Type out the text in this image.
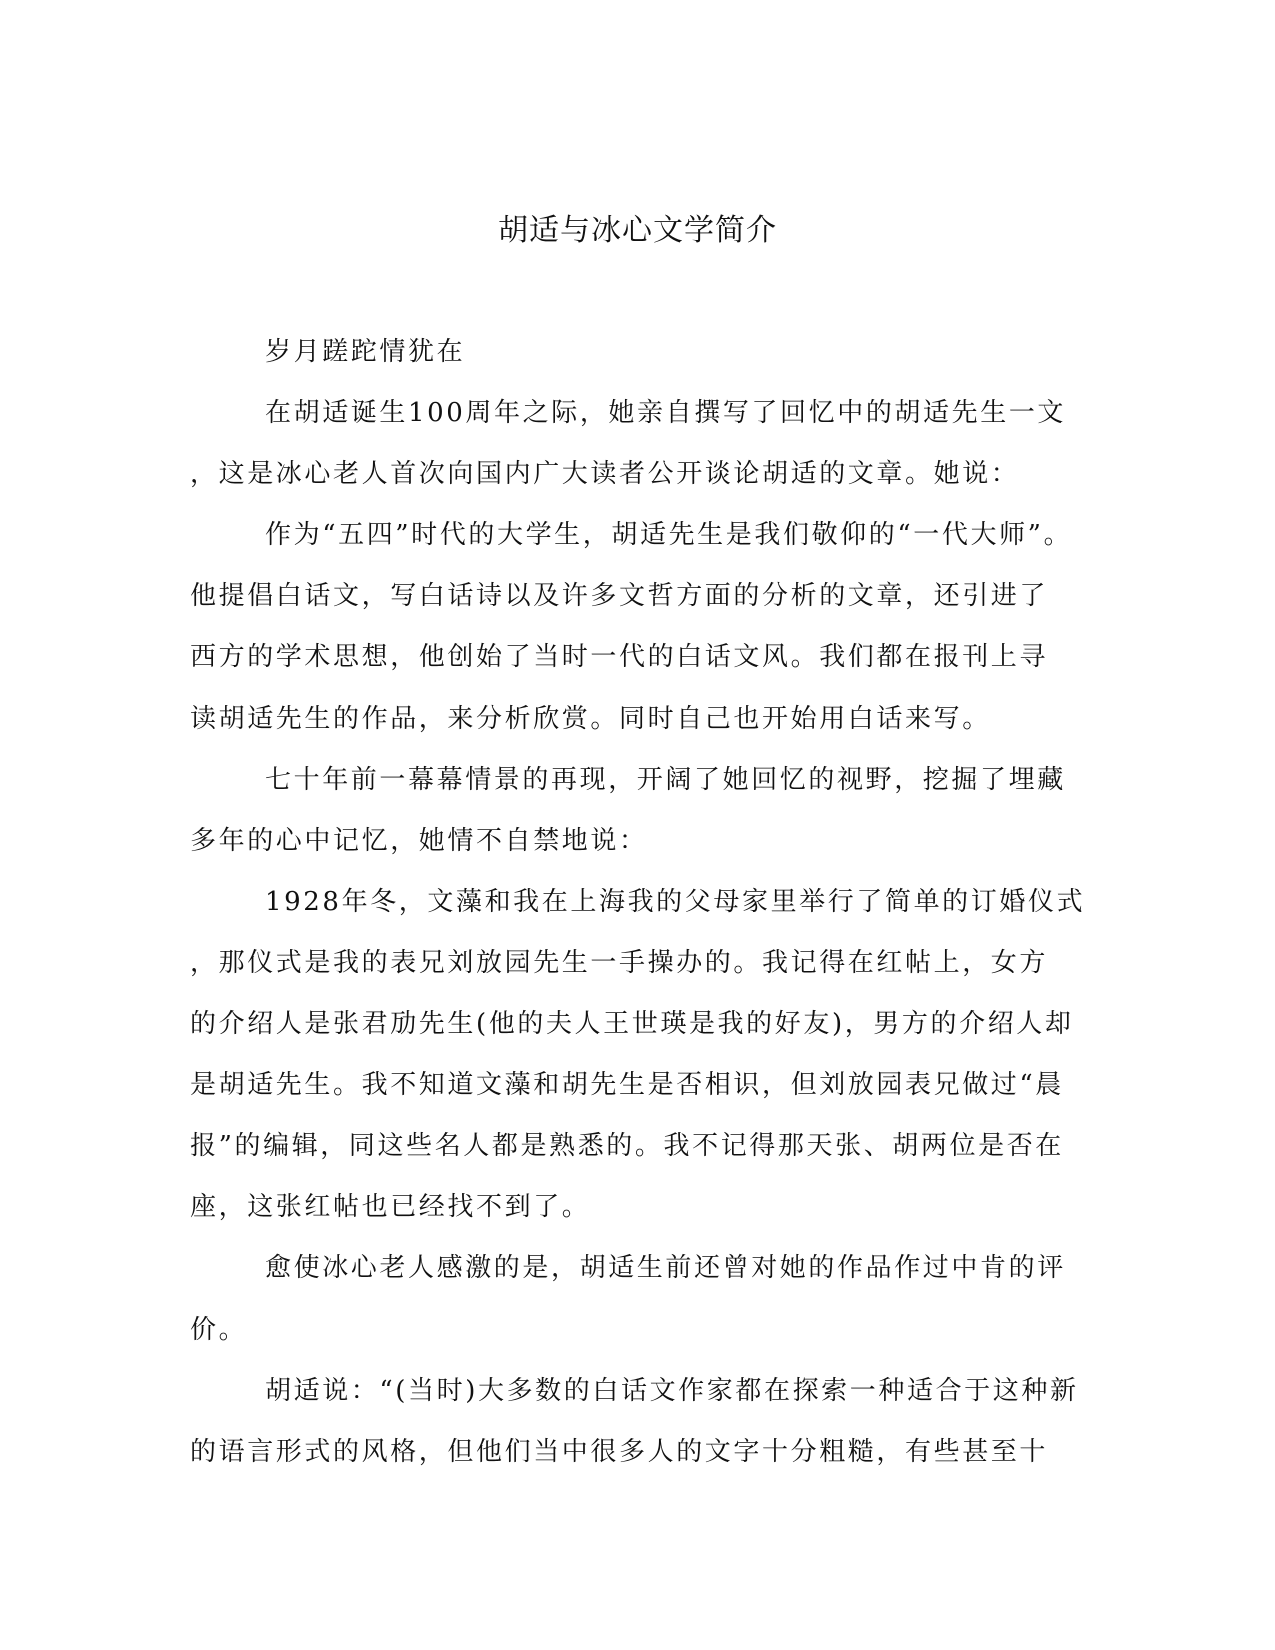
胡适与冰心文学简介
岁月蹉跎情犹在
在胡适诞生100周年之际，她亲自撰写了回忆中的胡适先生一文
，这是冰心老人首次向国内广大读者公开谈论胡适的文章。她说：
作为“五四”时代的大学生，胡适先生是我们敬仰的“一代大师”。
他提倡白话文，写白话诗以及许多文哲方面的分析的文章，还引进了
西方的学术思想，他创始了当时一代的白话文风。我们都在报刊上寻
读胡适先生的作品，来分析欣赏。同时自己也开始用白话来写。
七十年前一幕幕情景的再现，开阔了她回忆的视野，挖掘了埋藏
多年的心中记忆，她情不自禁地说：
1928年冬，文藻和我在上海我的父母家里举行了简单的订婚仪式
，那仪式是我的表兄刘放园先生一手操办的。我记得在红帖上，女方
的介绍人是张君劢先生(他的夫人王世瑛是我的好友)，男方的介绍人却
是胡适先生。我不知道文藻和胡先生是否相识，但刘放园表兄做过“晨
报”的编辑，同这些名人都是熟悉的。我不记得那天张、胡两位是否在
座，这张红帖也已经找不到了。
愈使冰心老人感激的是，胡适生前还曾对她的作品作过中肯的评
价。
胡适说：“(当时)大多数的白话文作家都在探索一种适合于这种新
的语言形式的风格，但他们当中很多人的文字十分粗糙，有些甚至十
